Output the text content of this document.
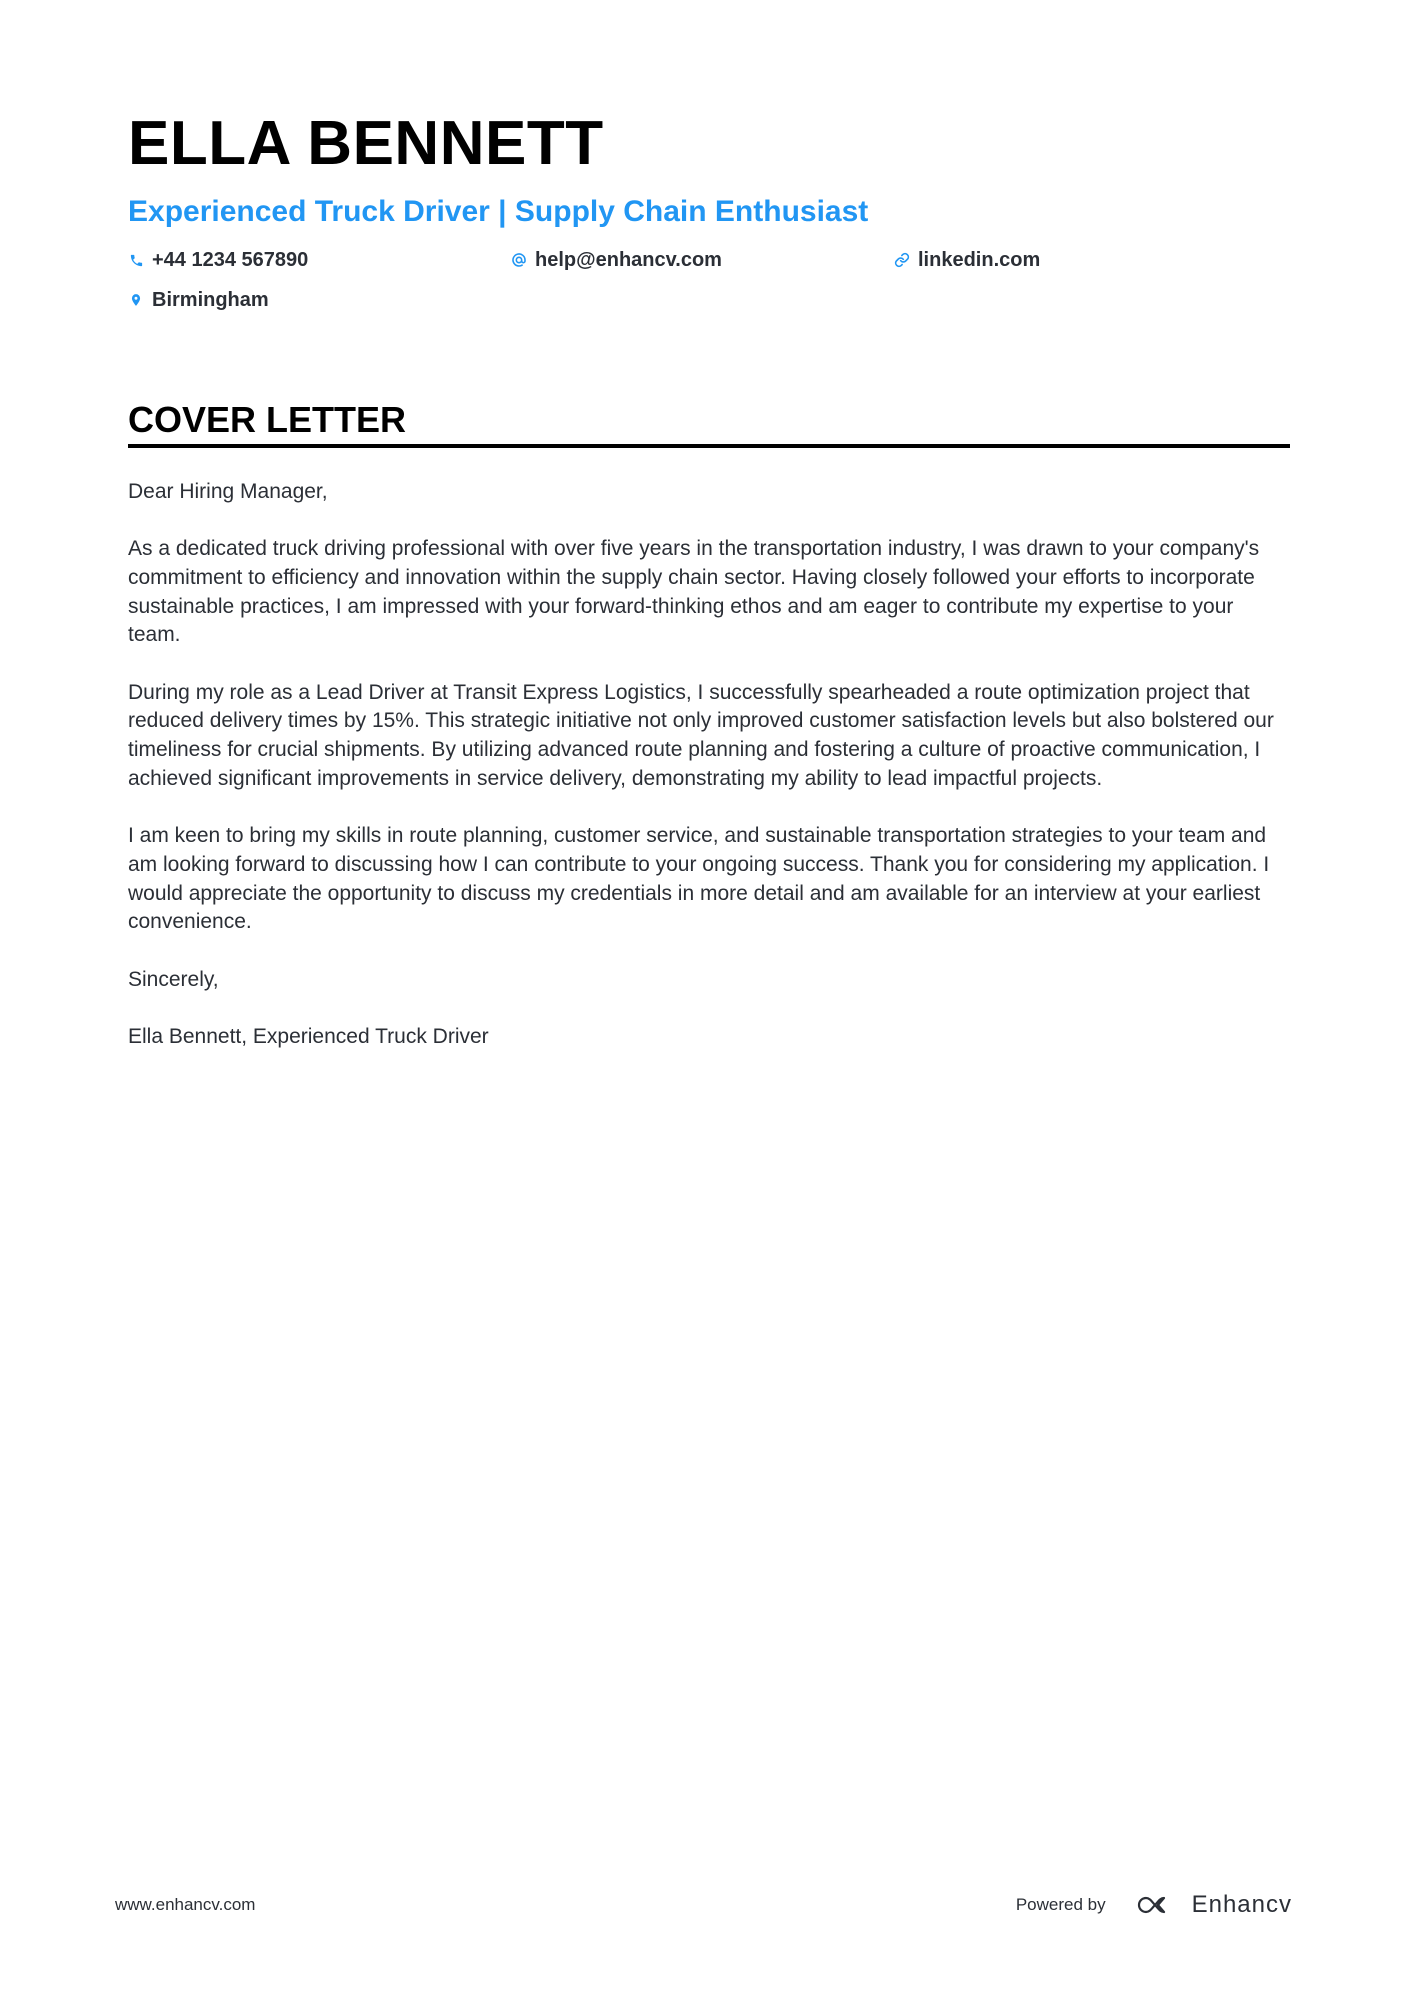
ELLA BENNETT
Experienced Truck Driver | Supply Chain Enthusiast
+44 1234 567890	help@enhancv.com	linkedin.com
Birmingham
COVER LETTER

Dear Hiring Manager,

As a dedicated truck driving professional with over five years in the transportation industry, I was drawn to your company's commitment to efficiency and innovation within the supply chain sector. Having closely followed your efforts to incorporate sustainable practices, I am impressed with your forward-thinking ethos and am eager to contribute my expertise to your team.

During my role as a Lead Driver at Transit Express Logistics, I successfully spearheaded a route optimization project that reduced delivery times by 15%. This strategic initiative not only improved customer satisfaction levels but also bolstered our timeliness for crucial shipments. By utilizing advanced route planning and fostering a culture of proactive communication, I achieved significant improvements in service delivery, demonstrating my ability to lead impactful projects.

I am keen to bring my skills in route planning, customer service, and sustainable transportation strategies to your team and am looking forward to discussing how I can contribute to your ongoing success. Thank you for considering my application. I would appreciate the opportunity to discuss my credentials in more detail and am available for an interview at your earliest convenience.

Sincerely,

Ella Bennett, Experienced Truck Driver

www.enhancv.com	Powered by	Enhancv
